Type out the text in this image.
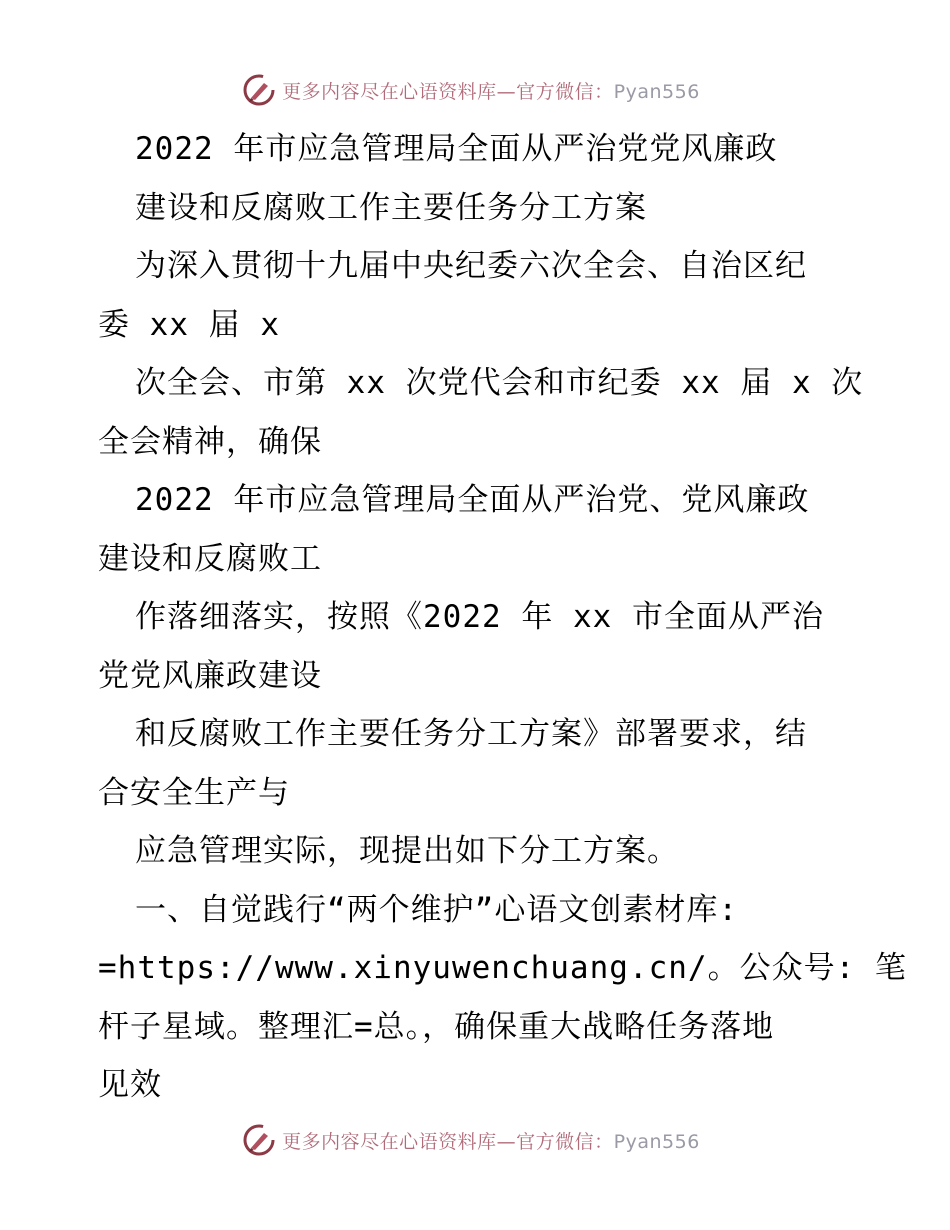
更多内容尽在心语资料库—官方微信：Pyan556
2022 年市应急管理局全面从严治党党风廉政
建设和反腐败工作主要任务分工方案
为深入贯彻十九届中央纪委六次全会、自治区纪
委 xx 届 x
次全会、市第 xx 次党代会和市纪委 xx 届 x 次
全会精神，确保
2022 年市应急管理局全面从严治党、党风廉政
建设和反腐败工
作落细落实，按照《2022 年 xx 市全面从严治
党党风廉政建设
和反腐败工作主要任务分工方案》部署要求，结
合安全生产与
应急管理实际，现提出如下分工方案。
一、自觉践行“两个维护”心语文创素材库:
=https://www.xinyuwenchuang.cn/。公众号: 笔
杆子星域。整理汇=总。，确保重大战略任务落地
见效
更多内容尽在心语资料库—官方微信：Pyan556
